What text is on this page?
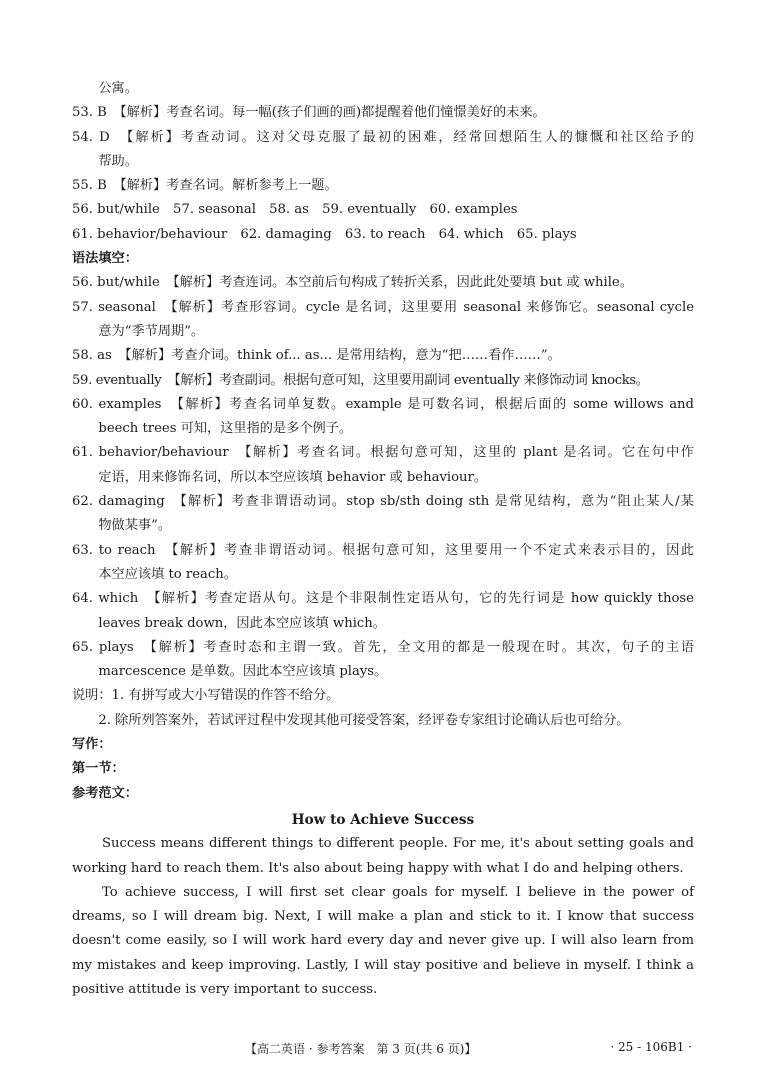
　　公寓。
53. B　【解析】考查名词。每一幅(孩子们画的画)都提醒着他们憧憬美好的未来。
54. D　【解析】考查动词。这对父母克服了最初的困难，经常回想陌生人的慷慨和社区给予的
　　帮助。
55. B　【解析】考查名词。解析参考上一题。
56. but/while　57. seasonal　58. as　59. eventually　60. examples
61. behavior/behaviour　62. damaging　63. to reach　64. which　65. plays
语法填空：
56. but/while　【解析】考查连词。本空前后句构成了转折关系，因此此处要填 but 或 while。
57. seasonal　【解析】考查形容词。cycle 是名词，这里要用 seasonal 来修饰它。seasonal cycle
　　意为“季节周期”。
58. as　【解析】考查介词。think of... as... 是常用结构，意为“把……看作……”。
59. eventually　【解析】考查副词。根据句意可知，这里要用副词 eventually 来修饰动词 knocks。
60. examples　【解析】考查名词单复数。example 是可数名词，根据后面的 some willows and
　　beech trees 可知，这里指的是多个例子。
61. behavior/behaviour　【解析】考查名词。根据句意可知，这里的 plant 是名词。它在句中作
　　定语，用来修饰名词，所以本空应该填 behavior 或 behaviour。
62. damaging　【解析】考查非谓语动词。stop sb/sth doing sth 是常见结构，意为“阻止某人/某
　　物做某事”。
63. to reach　【解析】考查非谓语动词。根据句意可知，这里要用一个不定式来表示目的，因此
　　本空应该填 to reach。
64. which　【解析】考查定语从句。这是个非限制性定语从句，它的先行词是 how quickly those
　　leaves break down，因此本空应该填 which。
65. plays　【解析】考查时态和主谓一致。首先，全文用的都是一般现在时。其次，句子的主语
　　marcescence 是单数。因此本空应该填 plays。
说明：1. 有拼写或大小写错误的作答不给分。
　　2. 除所列答案外，若试评过程中发现其他可接受答案，经评卷专家组讨论确认后也可给分。
写作：
第一节：
参考范文：
How to Achieve Success
Success means different things to different people. For me, it's about setting goals and working hard to reach them. It's also about being happy with what I do and helping others.
To achieve success, I will first set clear goals for myself. I believe in the power of dreams, so I will dream big. Next, I will make a plan and stick to it. I know that success doesn't come easily, so I will work hard every day and never give up. I will also learn from my mistakes and keep improving. Lastly, I will stay positive and believe in myself. I think a positive attitude is very important to success.
【高二英语 · 参考答案　第 3 页(共 6 页)】	· 25 - 106B1 ·
